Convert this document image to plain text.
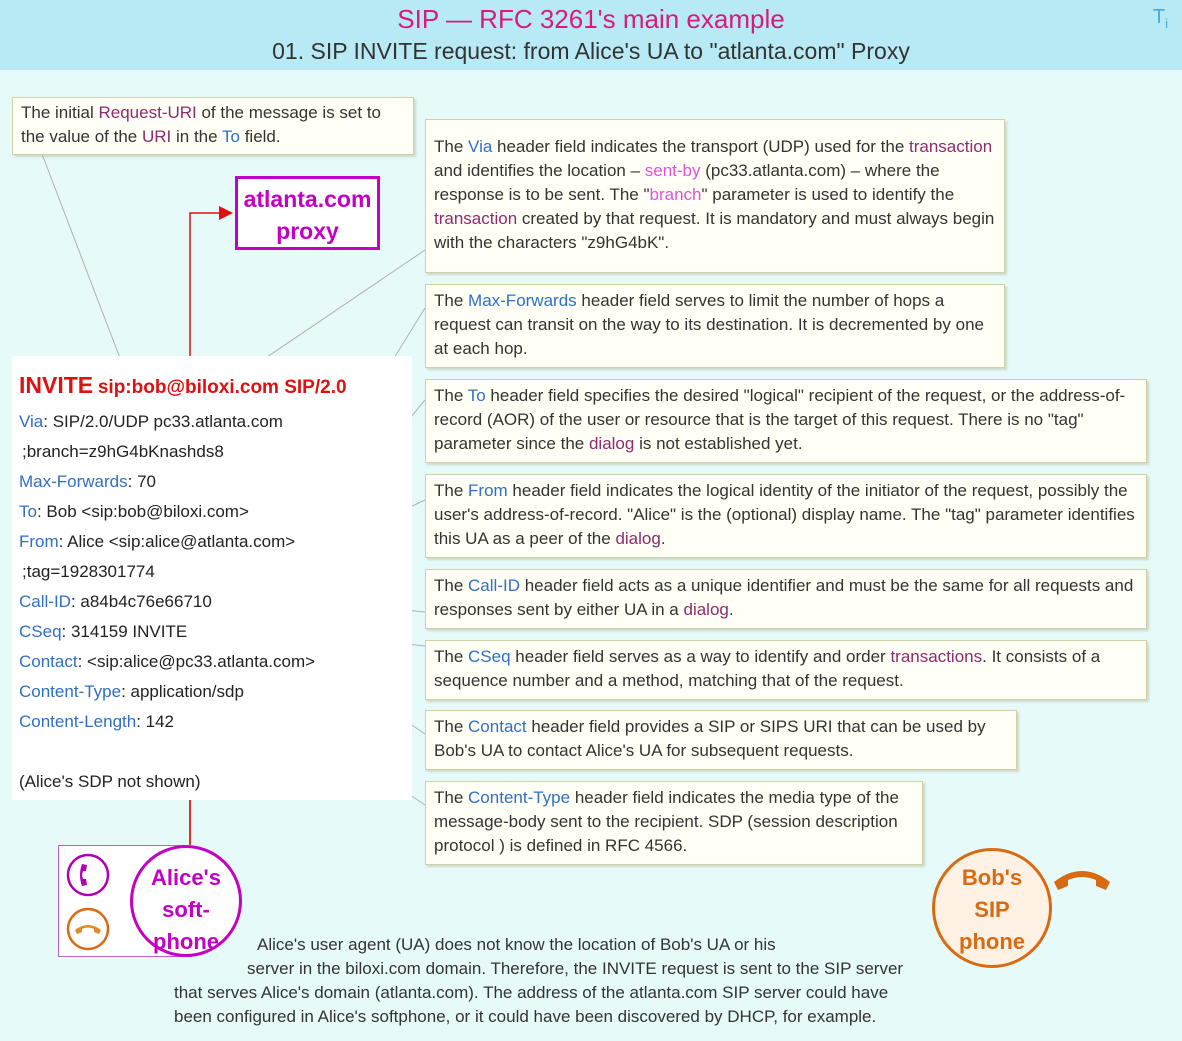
SIP — RFC 3261's main example
01. SIP INVITE request: from Alice's UA to "atlanta.com" Proxy
$T_i$
The initial Request-URI of the message is set to the value of the URI in the To field.
atlanta.com
proxy
INVITE sip:bob@biloxi.com SIP/2.0
Via: SIP/2.0/UDP pc33.atlanta.com
;branch=z9hG4bKnashds8
Max-Forwards: 70
To: Bob <sip:bob@biloxi.com>
From: Alice <sip:alice@atlanta.com>
;tag=1928301774
Call-ID: a84b4c76e66710
CSeq: 314159 INVITE
Contact: <sip:alice@pc33.atlanta.com>
Content-Type: application/sdp
Content-Length: 142
(Alice's SDP not shown)
The Via header field indicates the transport (UDP) used for the transaction and identifies the location – sent-by (pc33.atlanta.com) – where the response is to be sent. The "branch" parameter is used to identify the transaction created by that request. It is mandatory and must always begin with the characters "z9hG4bK".
The Max-Forwards header field serves to limit the number of hops a request can transit on the way to its destination. It is decremented by one at each hop.
The To header field specifies the desired "logical" recipient of the request, or the address-of-record (AOR) of the user or resource that is the target of this request. There is no "tag" parameter since the dialog is not established yet.
The From header field indicates the logical identity of the initiator of the request, possibly the user's address-of-record. "Alice" is the (optional) display name. The "tag" parameter identifies this UA as a peer of the dialog.
The Call-ID header field acts as a unique identifier and must be the same for all requests and responses sent by either UA in a dialog.
The CSeq header field serves as a way to identify and order transactions. It consists of a sequence number and a method, matching that of the request.
The Contact header field provides a SIP or SIPS URI that can be used by Bob's UA to contact Alice's UA for subsequent requests.
The Content-Type header field indicates the media type of the message-body sent to the recipient. SDP (session description protocol ) is defined in RFC 4566.
Alice's
soft-
phone
Bob's
SIP
phone
Alice's user agent (UA) does not know the location of Bob's UA or his
server in the biloxi.com domain. Therefore, the INVITE request is sent to the SIP server
that serves Alice's domain (atlanta.com). The address of the atlanta.com SIP server could have
been configured in Alice's softphone, or it could have been discovered by DHCP, for example.
